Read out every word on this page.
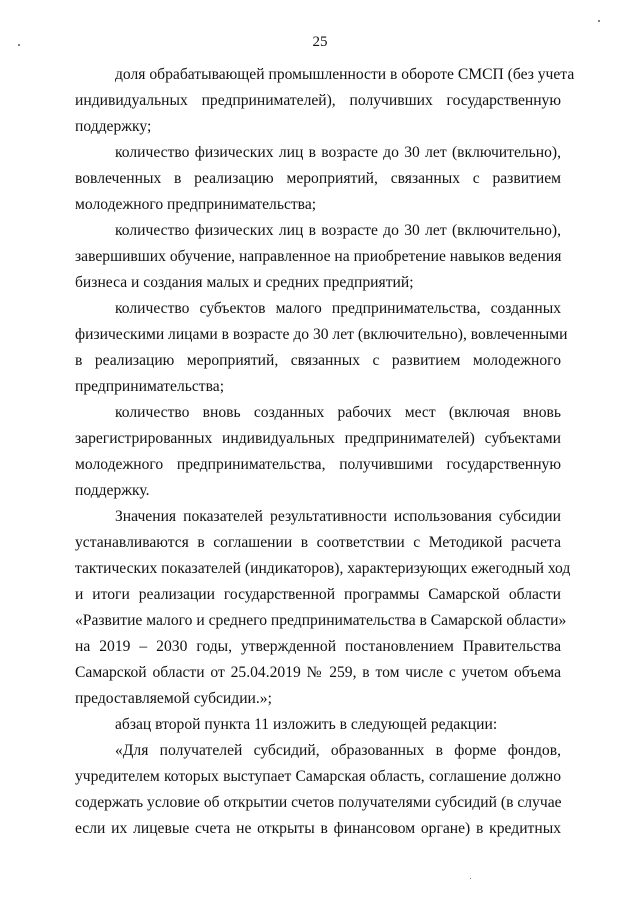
25
доля обрабатывающей промышленности в обороте СМСП (без учета
индивидуальных предпринимателей), получивших государственную
поддержку;
количество физических лиц в возрасте до 30 лет (включительно),
вовлеченных в реализацию мероприятий, связанных с развитием
молодежного предпринимательства;
количество физических лиц в возрасте до 30 лет (включительно),
завершивших обучение, направленное на приобретение навыков ведения
бизнеса и создания малых и средних предприятий;
количество субъектов малого предпринимательства, созданных
физическими лицами в возрасте до 30 лет (включительно), вовлеченными
в реализацию мероприятий, связанных с развитием молодежного
предпринимательства;
количество вновь созданных рабочих мест (включая вновь
зарегистрированных индивидуальных предпринимателей) субъектами
молодежного предпринимательства, получившими государственную
поддержку.
Значения показателей результативности использования субсидии
устанавливаются в соглашении в соответствии с Методикой расчета
тактических показателей (индикаторов), характеризующих ежегодный ход
и итоги реализации государственной программы Самарской области
«Развитие малого и среднего предпринимательства в Самарской области»
на 2019 – 2030 годы, утвержденной постановлением Правительства
Самарской области от 25.04.2019 № 259, в том числе с учетом объема
предоставляемой субсидии.»;
абзац второй пункта 11 изложить в следующей редакции:
«Для получателей субсидий, образованных в форме фондов,
учредителем которых выступает Самарская область, соглашение должно
содержать условие об открытии счетов получателями субсидий (в случае
если их лицевые счета не открыты в финансовом органе) в кредитных
